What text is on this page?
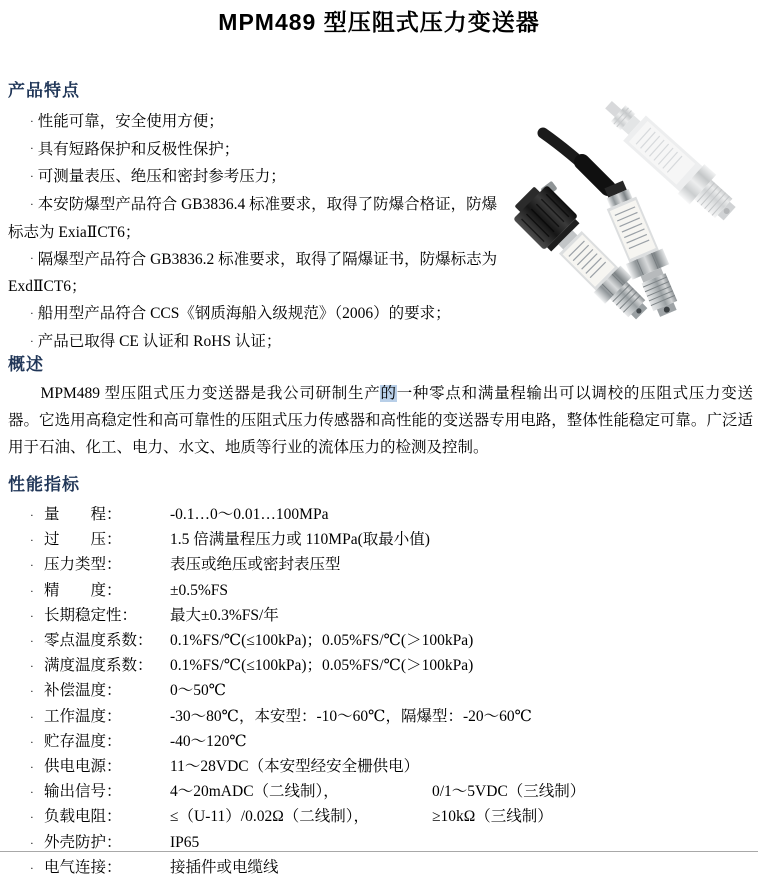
MPM489 型压阻式压力变送器
产品特点

· 性能可靠，安全使用方便；

· 具有短路保护和反极性保护；

· 可测量表压、绝压和密封参考压力；

· 本安防爆型产品符合 GB3836.4 标准要求，取得了防爆合格证，防爆标志为 ExiaⅡCT6；

· 隔爆型产品符合 GB3836.2 标准要求，取得了隔爆证书，防爆标志为 ExdⅡCT6；

· 船用型产品符合 CCS《钢质海船入级规范》（2006）的要求；

· 产品已取得 CE 认证和 RoHS 认证；

概述

MPM489 型压阻式压力变送器是我公司研制生产的一种零点和满量程输出可以调校的压阻式压力变送器。它选用高稳定性和高可靠性的压阻式压力传感器和高性能的变送器专用电路，整体性能稳定可靠。广泛适用于石油、化工、电力、水文、地质等行业的流体压力的检测及控制。

性能指标
· 量　　程：	-0.1…0～0.01…100MPa
· 过　　压：	1.5 倍满量程压力或 110MPa(取最小值)
· 压力类型：	表压或绝压或密封表压型
· 精　　度：	±0.5%FS
· 长期稳定性：	最大±0.3%FS/年
· 零点温度系数：	0.1%FS/℃(≤100kPa)；0.05%FS/℃(＞100kPa)
· 满度温度系数：	0.1%FS/℃(≤100kPa)；0.05%FS/℃(＞100kPa)
· 补偿温度：	0～50℃
· 工作温度：	-30～80℃，本安型：-10～60℃，隔爆型：-20～60℃
· 贮存温度：	-40～120℃
· 供电电源：	11～28VDC（本安型经安全栅供电）
· 输出信号：	4～20mADC（二线制），	0/1～5VDC（三线制）
· 负载电阻：	≤（U-11）/0.02Ω（二线制），	≥10kΩ（三线制）
· 外壳防护：	IP65
· 电气连接：	接插件或电缆线
